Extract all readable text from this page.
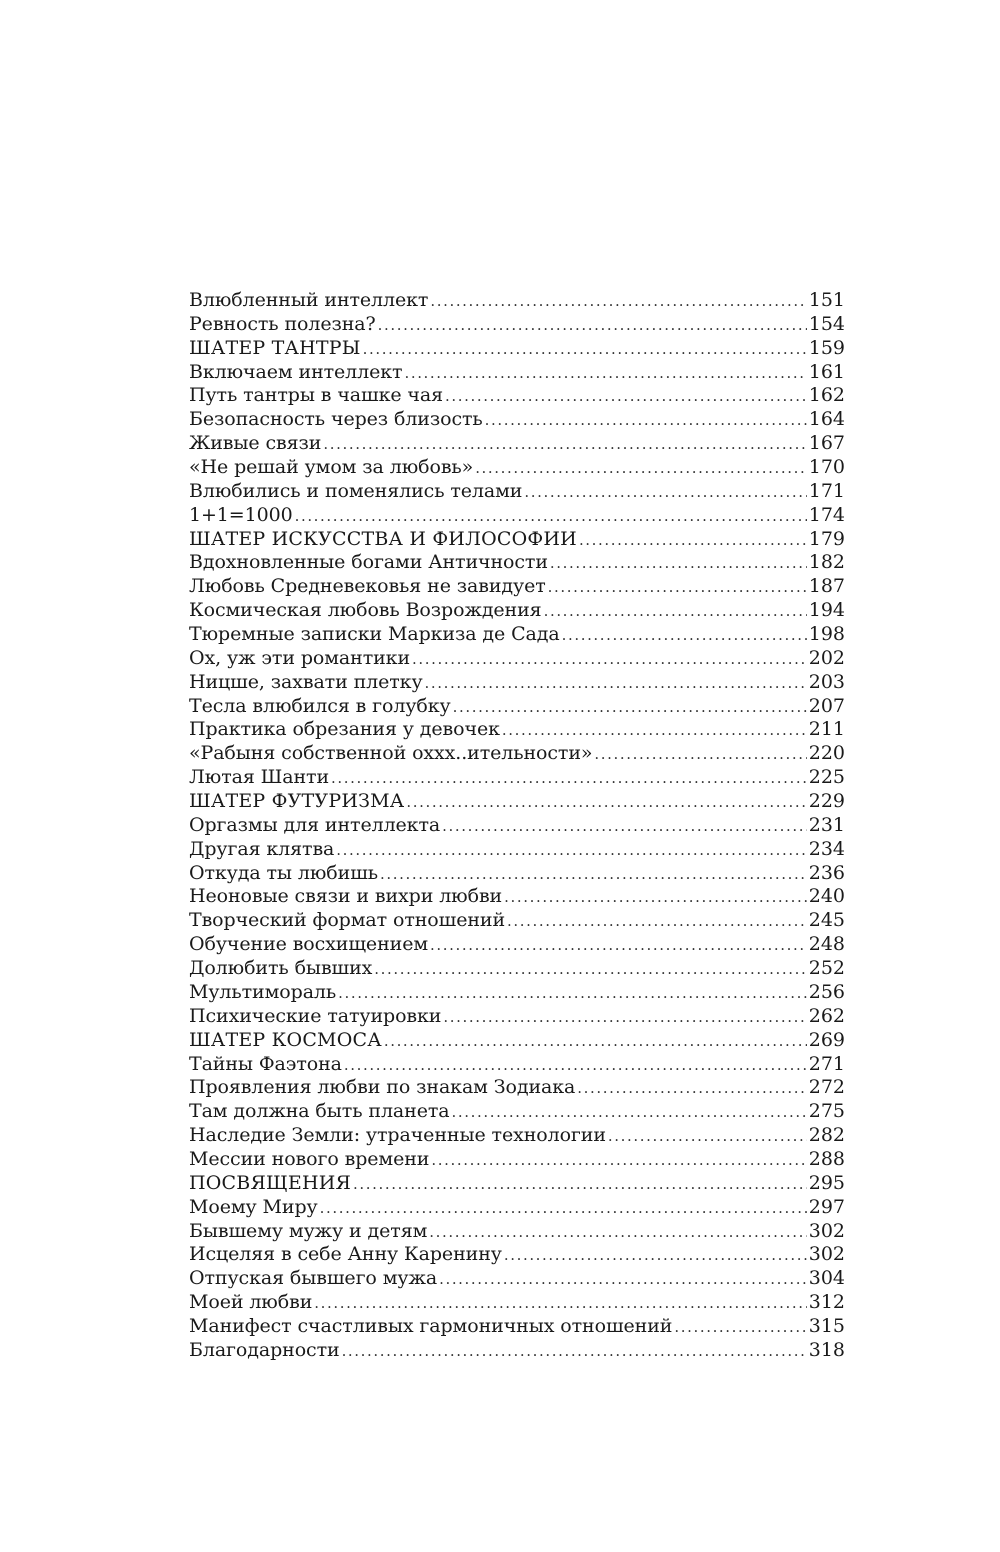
Влюбленный интеллект .....	151
Ревность полезна? .....	154
ШАТЕР ТАНТРЫ .....	159
Включаем интеллект .....	161
Путь тантры в чашке чая .....	162
Безопасность через близость .....	164
Живые связи .....	167
«Не решай умом за любовь» .....	170
Влюбились и поменялись телами .....	171
1+1=1000 .....	174
ШАТЕР ИСКУССТВА И ФИЛОСОФИИ .....	179
Вдохновленные богами Античности .....	182
Любовь Средневековья не завидует .....	187
Космическая любовь Возрождения .....	194
Тюремные записки Маркиза де Сада .....	198
Ох, уж эти романтики .....	202
Ницше, захвати плетку .....	203
Тесла влюбился в голубку .....	207
Практика обрезания у девочек .....	211
«Рабыня собственной оххх..ительности» .....	220
Лютая Шанти .....	225
ШАТЕР ФУТУРИЗМА .....	229
Оргазмы для интеллекта .....	231
Другая клятва .....	234
Откуда ты любишь .....	236
Неоновые связи и вихри любви .....	240
Творческий формат отношений .....	245
Обучение восхищением .....	248
Долюбить бывших .....	252
Мультимораль .....	256
Психические татуировки .....	262
ШАТЕР КОСМОСА .....	269
Тайны Фаэтона .....	271
Проявления любви по знакам Зодиака .....	272
Там должна быть планета .....	275
Наследие Земли: утраченные технологии .....	282
Мессии нового времени .....	288
ПОСВЯЩЕНИЯ .....	295
Моему Миру .....	297
Бывшему мужу и детям .....	302
Исцеляя в себе Анну Каренину .....	302
Отпуская бывшего мужа .....	304
Моей любви .....	312
Манифест счастливых гармоничных отношений .....	315
Благодарности .....	318
